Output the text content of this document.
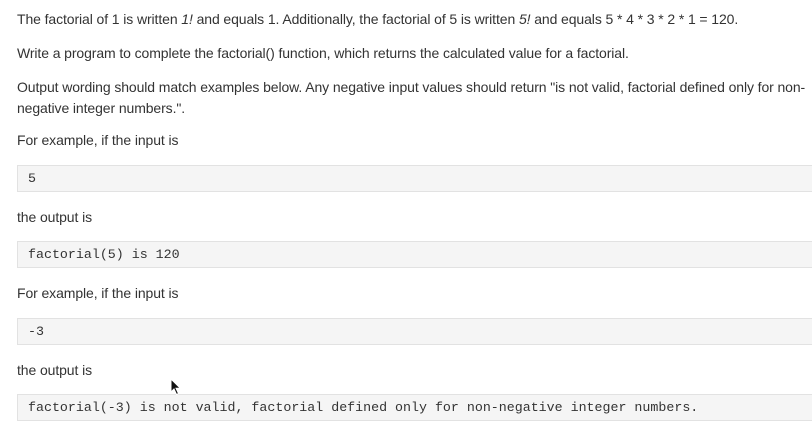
The factorial of 1 is written 1! and equals 1. Additionally, the factorial of 5 is written 5! and equals 5 * 4 * 3 * 2 * 1 = 120.

Write a program to complete the factorial() function, which returns the calculated value for a factorial.

Output wording should match examples below. Any negative input values should return "is not valid, factorial defined only for non-negative integer numbers.".

For example, if the input is

5

the output is

factorial(5) is 120

For example, if the input is

-3

the output is

factorial(-3) is not valid, factorial defined only for non-negative integer numbers.
